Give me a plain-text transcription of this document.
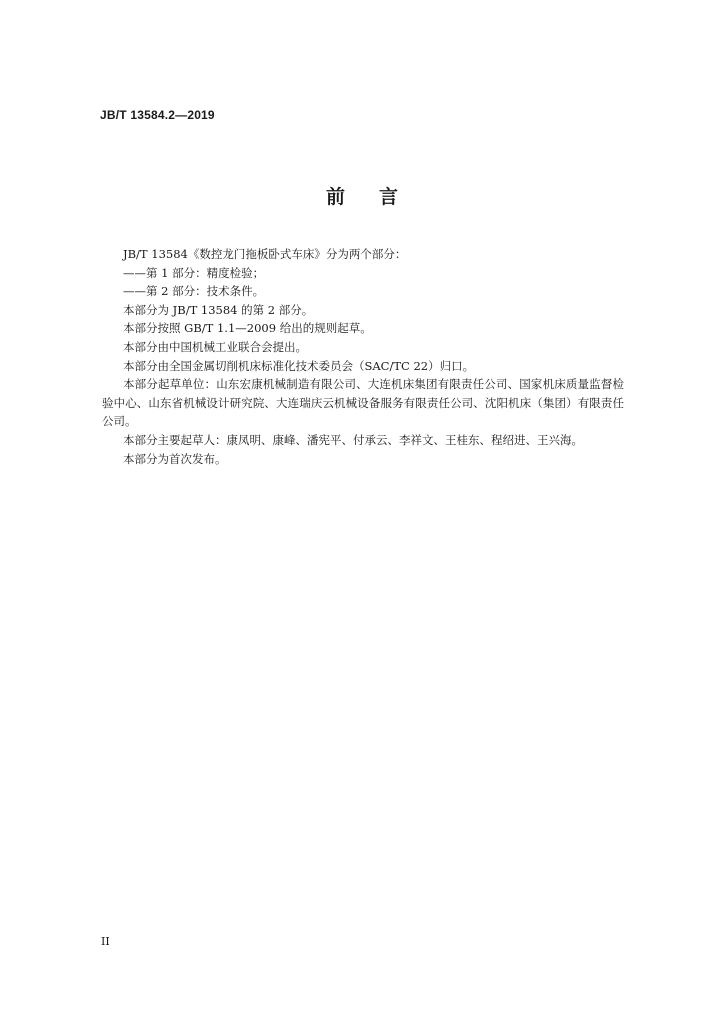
JB/T 13584.2—2019
前 言

JB/T 13584《数控龙门拖板卧式车床》分为两个部分：

——第 1 部分：精度检验；

——第 2 部分：技术条件。

本部分为 JB/T 13584 的第 2 部分。

本部分按照 GB/T 1.1—2009 给出的规则起草。

本部分由中国机械工业联合会提出。

本部分由全国金属切削机床标准化技术委员会（SAC/TC 22）归口。

本部分起草单位：山东宏康机械制造有限公司、大连机床集团有限责任公司、国家机床质量监督检验中心、山东省机械设计研究院、大连瑞庆云机械设备服务有限责任公司、沈阳机床（集团）有限责任公司。

本部分主要起草人：康凤明、康峰、潘宪平、付承云、李祥文、王桂东、程绍进、王兴海。

本部分为首次发布。

II
